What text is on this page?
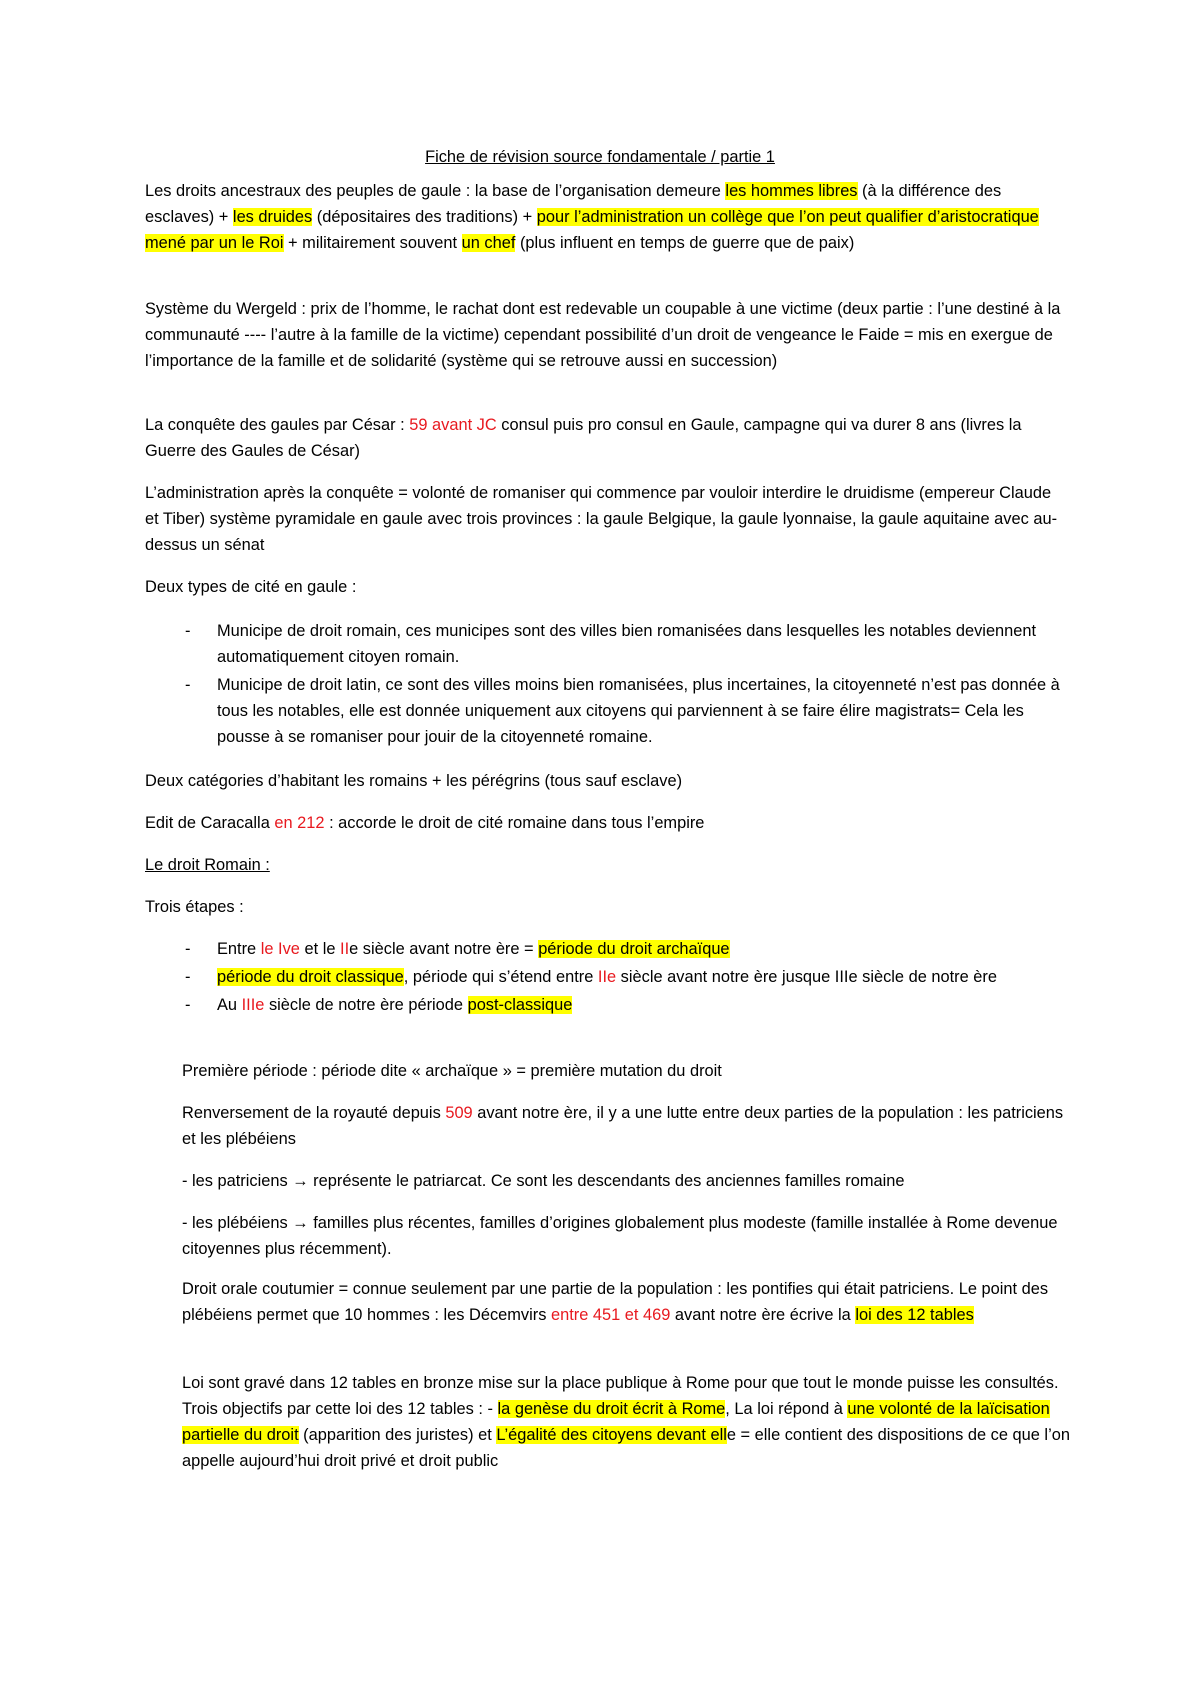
Fiche de révision source fondamentale / partie 1
Les droits ancestraux des peuples de gaule : la base de l’organisation demeure les hommes libres (à la différence des esclaves) + les druides (dépositaires des traditions) + pour l’administration un collège que l’on peut qualifier d’aristocratique mené par un le Roi + militairement souvent un chef (plus influent en temps de guerre que de paix)
Système du Wergeld : prix de l’homme, le rachat dont est redevable un coupable à une victime (deux partie : l’une destiné à la communauté ---- l’autre à la famille de la victime) cependant possibilité d’un droit de vengeance le Faide = mis en exergue de l’importance de la famille et de solidarité (système qui se retrouve aussi en succession)
La conquête des gaules par César : 59 avant JC consul puis pro consul en Gaule, campagne qui va durer 8 ans (livres la Guerre des Gaules de César)
L’administration après la conquête = volonté de romaniser qui commence par vouloir interdire le druidisme (empereur Claude et Tiber) système pyramidale en gaule avec trois provinces : la gaule Belgique, la gaule lyonnaise, la gaule aquitaine avec au-dessus un sénat
Deux types de cité en gaule :
- Municipe de droit romain, ces municipes sont des villes bien romanisées dans lesquelles les notables deviennent automatiquement citoyen romain.
- Municipe de droit latin, ce sont des villes moins bien romanisées, plus incertaines, la citoyenneté n’est pas donnée à tous les notables, elle est donnée uniquement aux citoyens qui parviennent à se faire élire magistrats= Cela les pousse à se romaniser pour jouir de la citoyenneté romaine.
Deux catégories d’habitant les romains + les pérégrins (tous sauf esclave)
Edit de Caracalla en 212 : accorde le droit de cité romaine dans tous l’empire
Le droit Romain :
Trois étapes :
- Entre le Ive et le IIe siècle avant notre ère = période du droit archaïque
- période du droit classique, période qui s’étend entre IIe siècle avant notre ère jusque IIIe siècle de notre ère
- Au IIIe siècle de notre ère période post-classique
Première période : période dite « archaïque » = première mutation du droit
Renversement de la royauté depuis 509 avant notre ère, il y a une lutte entre deux parties de la population : les patriciens et les plébéiens
- les patriciens → représente le patriarcat. Ce sont les descendants des anciennes familles romaine
- les plébéiens → familles plus récentes, familles d’origines globalement plus modeste (famille installée à Rome devenue citoyennes plus récemment).
Droit orale coutumier = connue seulement par une partie de la population : les pontifies qui était patriciens. Le point des plébéiens permet que 10 hommes : les Décemvirs entre 451 et 469 avant notre ère écrive la loi des 12 tables
Loi sont gravé dans 12 tables en bronze mise sur la place publique à Rome pour que tout le monde puisse les consultés. Trois objectifs par cette loi des 12 tables : - la genèse du droit écrit à Rome, La loi répond à une volonté de la laïcisation partielle du droit (apparition des juristes) et L’égalité des citoyens devant elle = elle contient des dispositions de ce que l’on appelle aujourd’hui droit privé et droit public
